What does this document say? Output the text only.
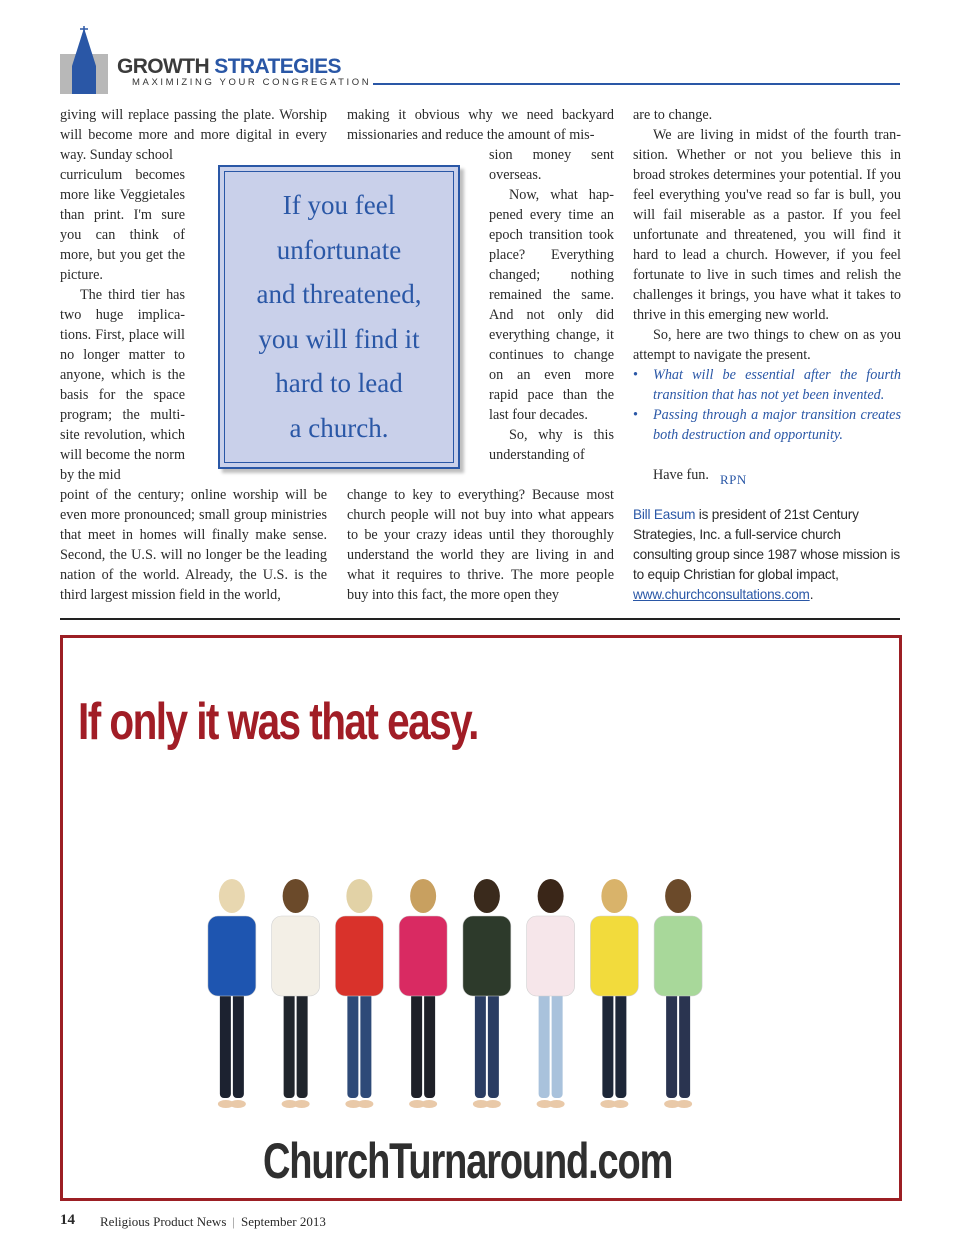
GROWTH STRATEGIES
MAXIMIZING YOUR CONGREGATION

giving will replace passing the plate. Worship will become more and more digital in every way. Sunday school

curriculum becomes more like Veggietales than print. I'm sure you can think of more, but you get the picture.

The third tier has two huge implications. First, place will no longer matter to anyone, which is the basis for the space program; the multisite revolution, which will become the norm by the mid

point of the century; online worship will be even more pronounced; small group ministries that meet in homes will finally make sense. Second, the U.S. will no longer be the leading nation of the world. Already, the U.S. is the third largest mission field in the world,

making it obvious why we need backyard missionaries and reduce the amount of mis-

sion money sent overseas.

Now, what happened every time an epoch transition took place? Everything changed; nothing remained the same. And not only did everything change, it continues to change on an even more rapid pace than the last four decades.

So, why is this understanding of

change to key to everything? Because most church people will not buy into what appears to be your crazy ideas until they thoroughly understand the world they are living in and what it requires to thrive. The more people buy into this fact, the more open they

are to change.

We are living in midst of the fourth transition. Whether or not you believe this in broad strokes determines your potential. If you feel everything you've read so far is bull, you will fail miserable as a pastor. If you feel unfortunate and threatened, you will find it hard to lead a church. However, if you feel fortunate to live in such times and relish the challenges it brings, you have what it takes to thrive in this emerging new world.

So, here are two things to chew on as you attempt to navigate the present.

• What will be essential after the fourth transition that has not yet been invented.
• Passing through a major transition creates both destruction and opportunity.
Have fun. RPN
Bill Easum is president of 21st Century Strategies, Inc. a full-service church consulting group since 1987 whose mission is to equip Christian for global impact, www.churchconsultations.com.
If you feel
unfortunate
and threatened,
you will find it
hard to lead
a church.
If only it was that easy.
ChurchTurnaround.com
14 Religious Product News | September 2013
